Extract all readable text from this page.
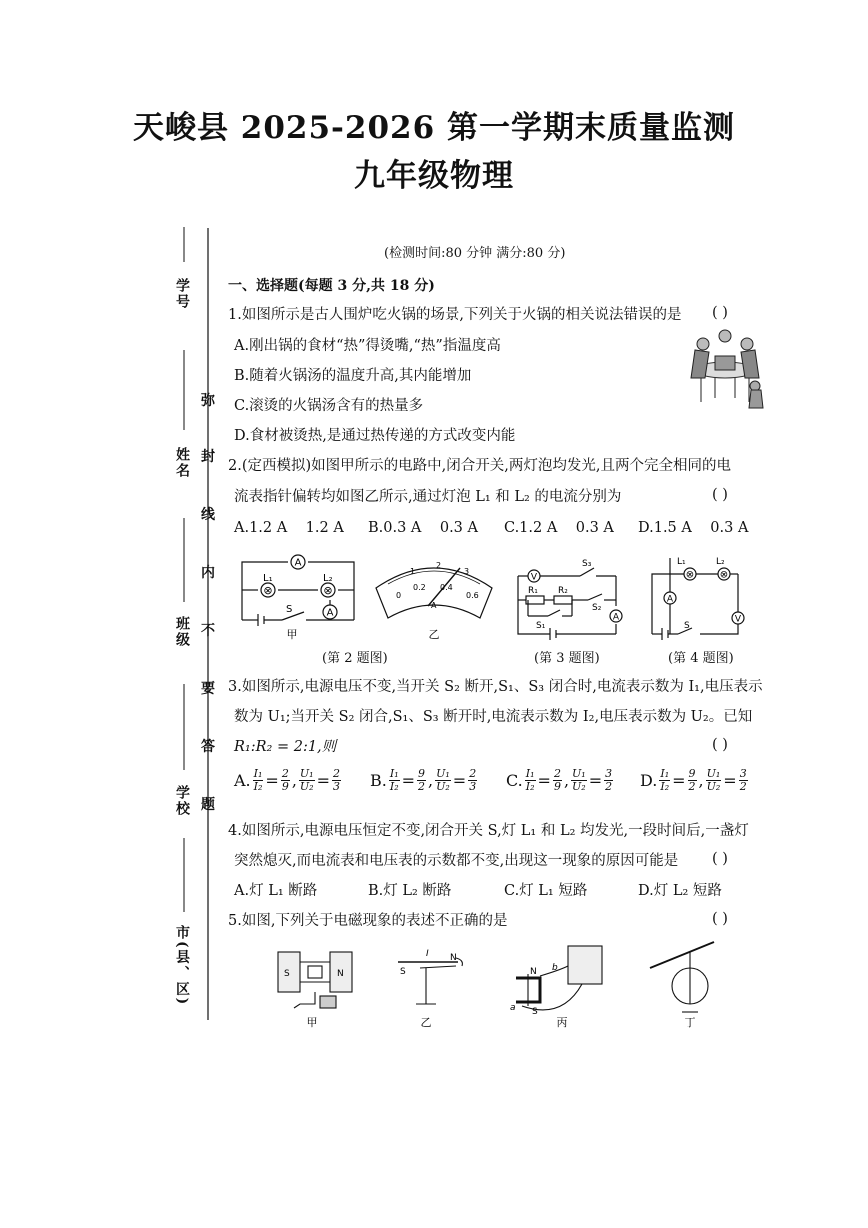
天峻县 2025-2026 第一学期末质量监测
九年级物理
学号
姓名
班级
学校
市(县、区)
弥
封
线
内
不
要
答
题
(检测时间:80 分钟 满分:80 分)
一、选择题(每题 3 分,共 18 分)
1.如图所示是古人围炉吃火锅的场景,下列关于火锅的相关说法错误的是 ( )
A.刚出锅的食材“热”得烫嘴,“热”指温度高
B.随着火锅汤的温度升高,其内能增加
C.滚烫的火锅汤含有的热量多
D.食材被烫热,是通过热传递的方式改变内能
2.(定西模拟)如图甲所示的电路中,闭合开关,两灯泡均发光,且两个完全相同的电
流表指针偏转均如图乙所示,通过灯泡 L₁ 和 L₂ 的电流分别为	( )
A.1.2 A    1.2 A B.0.3 A    0.3 A C.1.2 A    0.3 A D.1.5 A    0.3 A
A
A
⊗	⊗
L₁	L₂
S
甲
0
0.2 0.4
0.6
1
2
3
A
乙
V
A
R₁ R₂
S₁
S₂
S₃
A
⊗	⊗
V
L₁	L₂
S
(第 2 题图)	(第 3 题图)	(第 4 题图)
3.如图所示,电源电压不变,当开关 S₂ 断开,S₁、S₃ 闭合时,电流表示数为 I₁,电压表示
数为 U₁;当开关 S₂ 闭合,S₁、S₃ 断开时,电流表示数为 I₂,电压表示数为 U₂。已知
R₁:R₂ = 2:1,则	( )
A. $\frac{\text{I₁}}{\text{I₂}} = \frac{2}{9}$ , $\frac{\text{U₁}}{\text{U₂}} = \frac{2}{3} B$. $\frac{\text{I₁}}{\text{I₂}} = \frac{9}{2}$ , $\frac{\text{U₁}}{\text{U₂}} = \frac{2}{3} C$. $\frac{\text{I₁}}{\text{I₂}} = \frac{2}{9}$ , $\frac{\text{U₁}}{\text{U₂}} = \frac{3}{2} D$. $\frac{\text{I₁}}{\text{I₂}} = \frac{9}{2}$ , $\frac{\text{U₁}}{\text{U₂}} = \frac{3}{2}$
4.如图所示,电源电压恒定不变,闭合开关 S,灯 L₁ 和 L₂ 均发光,一段时间后,一盏灯
突然熄灭,而电流表和电压表的示数都不变,出现这一现象的原因可能是 ( )
A.灯 L₁ 断路	B.灯 L₂ 断路	C.灯 L₁ 短路	D.灯 L₂ 短路
5.如图,下列关于电磁现象的表述不正确的是	( )
S	N
甲
S
N
I
乙
N
S
a
b
丙	丁
